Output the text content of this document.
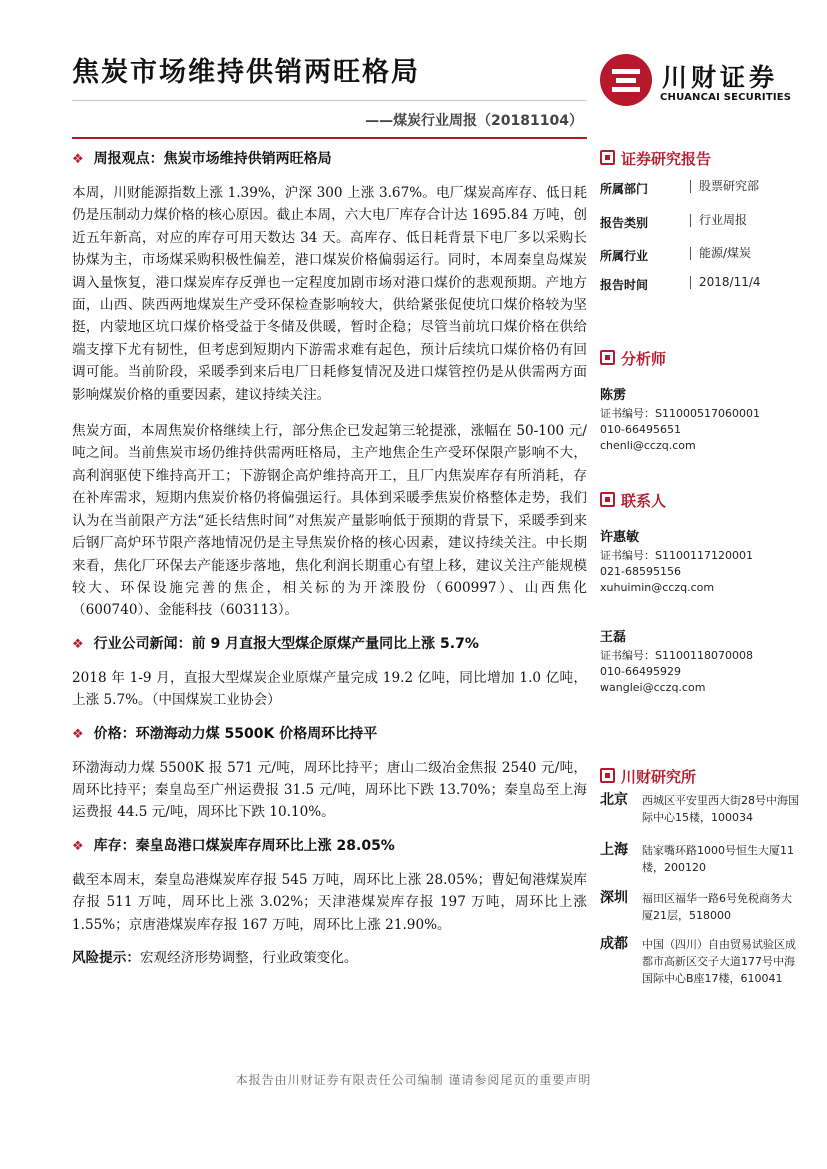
焦炭市场维持供销两旺格局
——煤炭行业周报（20181104）
川财证券
CHUANCAI SECURITIES

❖ 周报观点：焦炭市场维持供销两旺格局

本周，川财能源指数上涨 1.39%，沪深 300 上涨 3.67%。电厂煤炭高库存、低日耗仍是压制动力煤价格的核心原因。截止本周，六大电厂库存合计达 1695.84 万吨，创近五年新高，对应的库存可用天数达 34 天。高库存、低日耗背景下电厂多以采购长协煤为主，市场煤采购积极性偏差，港口煤炭价格偏弱运行。同时，本周秦皇岛煤炭调入量恢复，港口煤炭库存反弹也一定程度加剧市场对港口煤价的悲观预期。产地方面，山西、陕西两地煤炭生产受环保检查影响较大，供给紧张促使坑口煤价格较为坚挺，内蒙地区坑口煤价格受益于冬储及供暖，暂时企稳；尽管当前坑口煤价格在供给端支撑下尤有韧性，但考虑到短期内下游需求难有起色，预计后续坑口煤价格仍有回调可能。当前阶段，采暖季到来后电厂日耗修复情况及进口煤管控仍是从供需两方面影响煤炭价格的重要因素，建议持续关注。

焦炭方面，本周焦炭价格继续上行，部分焦企已发起第三轮提涨，涨幅在 50-100 元/吨之间。当前焦炭市场仍维持供需两旺格局，主产地焦企生产受环保限产影响不大，高利润驱使下维持高开工；下游钢企高炉维持高开工，且厂内焦炭库存有所消耗，存在补库需求，短期内焦炭价格仍将偏强运行。具体到采暖季焦炭价格整体走势，我们认为在当前限产方法“延长结焦时间”对焦炭产量影响低于预期的背景下，采暖季到来后钢厂高炉环节限产落地情况仍是主导焦炭价格的核心因素，建议持续关注。中长期来看，焦化厂环保去产能逐步落地，焦化利润长期重心有望上移，建议关注产能规模较大、环保设施完善的焦企，相关标的为开滦股份（600997）、山西焦化（600740）、金能科技（603113）。

❖ 行业公司新闻：前 9 月直报大型煤企原煤产量同比上涨 5.7%

2018 年 1-9 月，直报大型煤炭企业原煤产量完成 19.2 亿吨，同比增加 1.0 亿吨，上涨 5.7%。（中国煤炭工业协会）

❖ 价格：环渤海动力煤 5500K 价格周环比持平

环渤海动力煤 5500K 报 571 元/吨，周环比持平；唐山二级冶金焦报 2540 元/吨，周环比持平；秦皇岛至广州运费报 31.5 元/吨，周环比下跌 13.70%；秦皇岛至上海运费报 44.5 元/吨，周环比下跌 10.10%。

❖ 库存：秦皇岛港口煤炭库存周环比上涨 28.05%

截至本周末，秦皇岛港煤炭库存报 545 万吨，周环比上涨 28.05%；曹妃甸港煤炭库存报 511 万吨，周环比上涨 3.02%；天津港煤炭库存报 197 万吨，周环比上涨 1.55%；京唐港煤炭库存报 167 万吨，周环比上涨 21.90%。

风险提示：宏观经济形势调整，行业政策变化。
证券研究报告
所属部门	股票研究部
报告类别	行业周报
所属行业	能源/煤炭
报告时间	2018/11/4
分析师
陈雳
证书编号：S1100051706000​1
010-66495651
chenli@cczq.com
联系人
许惠敏
证书编号：S1100117120001
021-68595156
xuhuimin@cczq.com
王磊
证书编号：S1100118070008
010-66495929
wanglei@cczq.com
川财研究所
北京 西城区平安里西大街28号中海国际中心15楼，100034
上海 陆家嘴环路1000号恒生大厦11楼，200120
深圳 福田区福华一路6号免税商务大厦21层，518000
成都 中国（四川）自由贸易试验区成都市高新区交子大道177号中海国际中心B座17楼，610041
本报告由川财证券有限责任公司编制 谨请参阅尾页的重要声明
